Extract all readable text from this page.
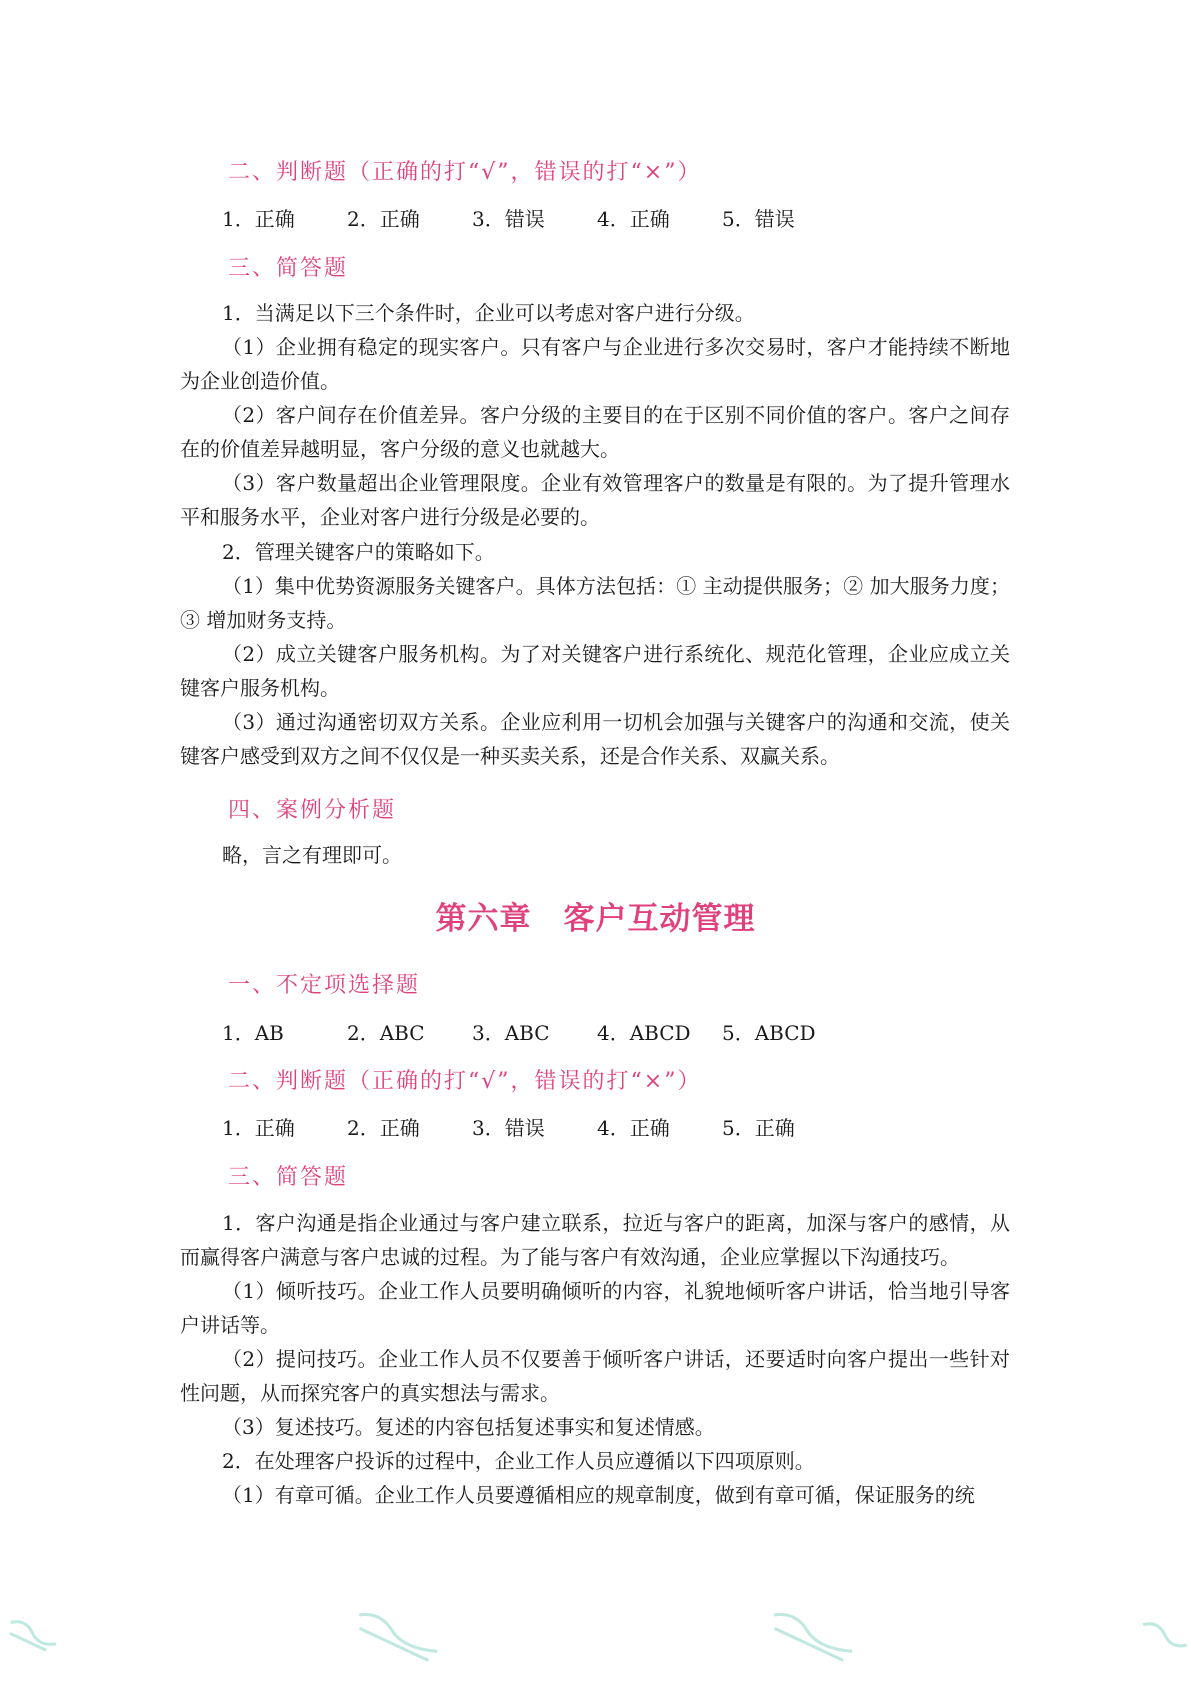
二、判断题（正确的打“√”，错误的打“×”）
1．正确	2．正确	3．错误	4．正确	5．错误
三、简答题

1．当满足以下三个条件时，企业可以考虑对客户进行分级。

（1）企业拥有稳定的现实客户。只有客户与企业进行多次交易时，客户才能持续不断地为企业创造价值。

（2）客户间存在价值差异。客户分级的主要目的在于区别不同价值的客户。客户之间存在的价值差异越明显，客户分级的意义也就越大。

（3）客户数量超出企业管理限度。企业有效管理客户的数量是有限的。为了提升管理水平和服务水平，企业对客户进行分级是必要的。

2．管理关键客户的策略如下。

（1）集中优势资源服务关键客户。具体方法包括：① 主动提供服务；② 加大服务力度；③ 增加财务支持。

（2）成立关键客户服务机构。为了对关键客户进行系统化、规范化管理，企业应成立关键客户服务机构。

（3）通过沟通密切双方关系。企业应利用一切机会加强与关键客户的沟通和交流，使关键客户感受到双方之间不仅仅是一种买卖关系，还是合作关系、双赢关系。

四、案例分析题

略，言之有理即可。

第六章　客户互动管理
一、不定项选择题
1．AB	2．ABC 3．ABC 4．ABCD 5．ABCD
二、判断题（正确的打“√”，错误的打“×”）
1．正确	2．正确	3．错误	4．正确	5．正确
三、简答题

1．客户沟通是指企业通过与客户建立联系，拉近与客户的距离，加深与客户的感情，从而赢得客户满意与客户忠诚的过程。为了能与客户有效沟通，企业应掌握以下沟通技巧。

（1）倾听技巧。企业工作人员要明确倾听的内容，礼貌地倾听客户讲话，恰当地引导客户讲话等。

（2）提问技巧。企业工作人员不仅要善于倾听客户讲话，还要适时向客户提出一些针对性问题，从而探究客户的真实想法与需求。

（3）复述技巧。复述的内容包括复述事实和复述情感。

2．在处理客户投诉的过程中，企业工作人员应遵循以下四项原则。

（1）有章可循。企业工作人员要遵循相应的规章制度，做到有章可循，保证服务的统
